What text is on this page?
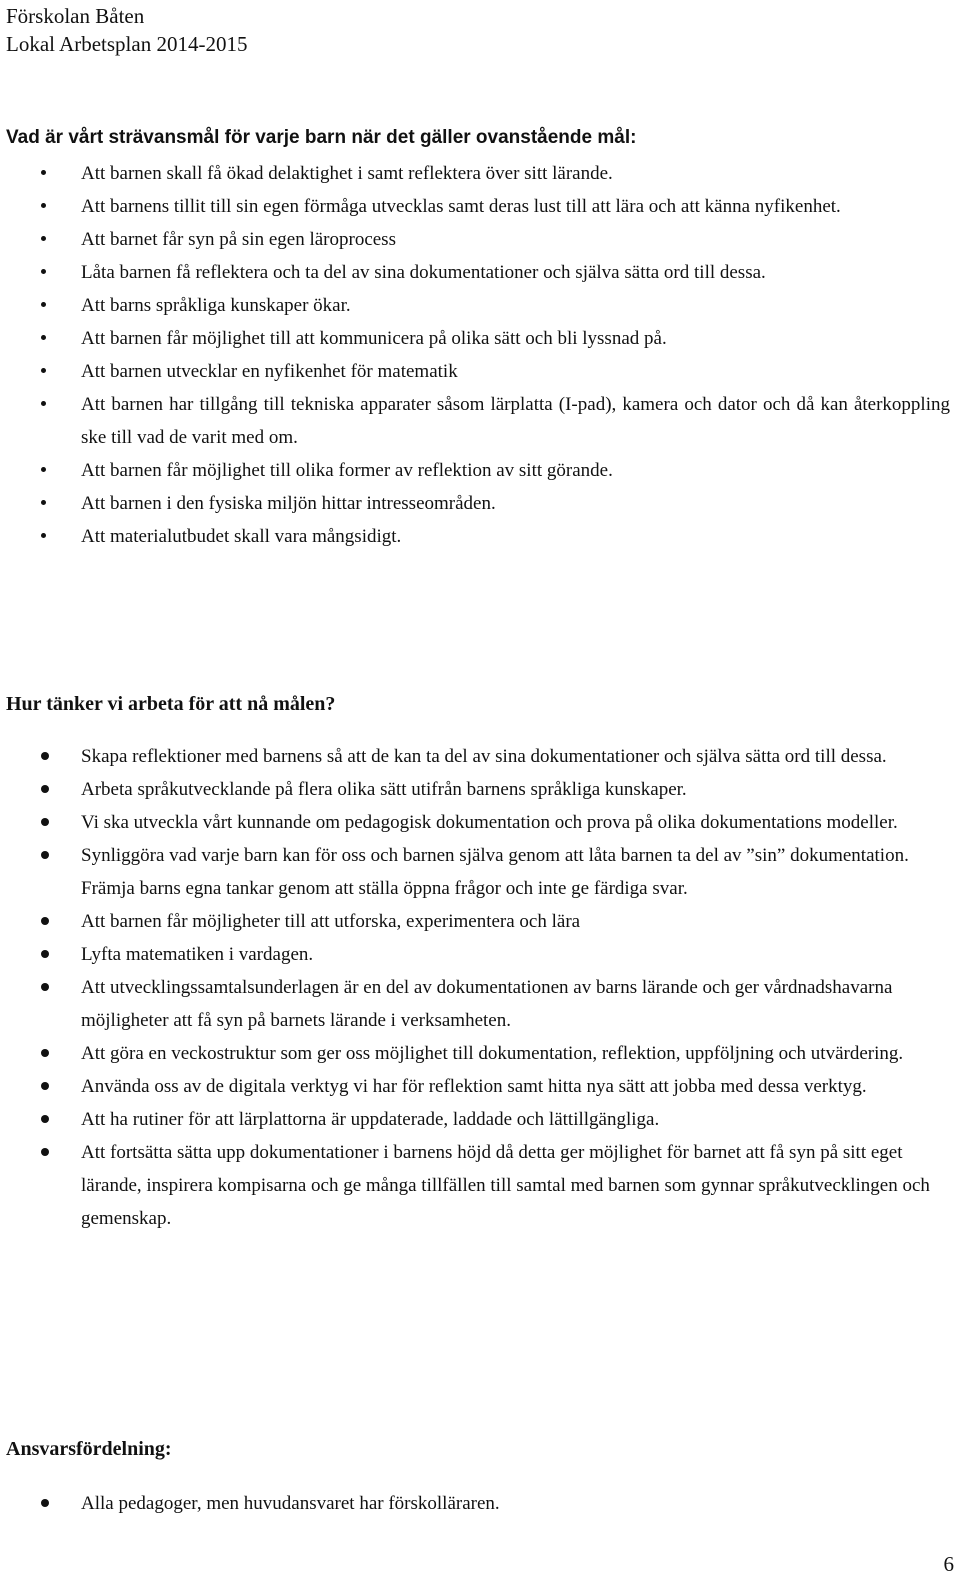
Förskolan Båten
Lokal Arbetsplan 2014-2015
Vad är vårt strävansmål för varje barn när det gäller ovanstående mål:
Att barnen skall få ökad delaktighet i samt reflektera över sitt lärande.
Att barnens tillit till sin egen förmåga utvecklas samt deras lust till att lära och att känna nyfikenhet.
Att barnet får syn på sin egen läroprocess
Låta barnen få reflektera och ta del av sina dokumentationer och själva sätta ord till dessa.
Att barns språkliga kunskaper ökar.
Att barnen får möjlighet till att kommunicera på olika sätt och bli lyssnad på.
Att barnen utvecklar en nyfikenhet för matematik
Att barnen har tillgång till tekniska apparater såsom lärplatta (I-pad), kamera och dator och då kan återkoppling ske till vad de varit med om.
Att barnen får möjlighet till olika former av reflektion av sitt görande.
Att barnen i den fysiska miljön hittar intresseområden.
Att materialutbudet skall vara mångsidigt.
Hur tänker vi arbeta för att nå målen?
Skapa reflektioner med barnens så att de kan ta del av sina dokumentationer och själva sätta ord till dessa.
Arbeta språkutvecklande på flera olika sätt utifrån barnens språkliga kunskaper.
Vi ska utveckla vårt kunnande om pedagogisk dokumentation och prova på olika dokumentations modeller.
Synliggöra vad varje barn kan för oss och barnen själva genom att låta barnen ta del av ”sin” dokumentation. Främja barns egna tankar genom att ställa öppna frågor och inte ge färdiga svar.
Att barnen får möjligheter till att utforska, experimentera och lära
Lyfta matematiken i vardagen.
Att utvecklingssamtalsunderlagen är en del av dokumentationen av barns lärande och ger vårdnadshavarna möjligheter att få syn på barnets lärande i verksamheten.
Att göra en veckostruktur som ger oss möjlighet till dokumentation, reflektion, uppföljning och utvärdering.
Använda oss av de digitala verktyg vi har för reflektion samt hitta nya sätt att jobba med dessa verktyg.
Att ha rutiner för att lärplattorna är uppdaterade, laddade och lättillgängliga.
Att fortsätta sätta upp dokumentationer i barnens höjd då detta ger möjlighet för barnet att få syn på sitt eget lärande, inspirera kompisarna och ge många tillfällen till samtal med barnen som gynnar språkutvecklingen och gemenskap.
Ansvarsfördelning:
Alla pedagoger, men huvudansvaret har förskolläraren.
6
